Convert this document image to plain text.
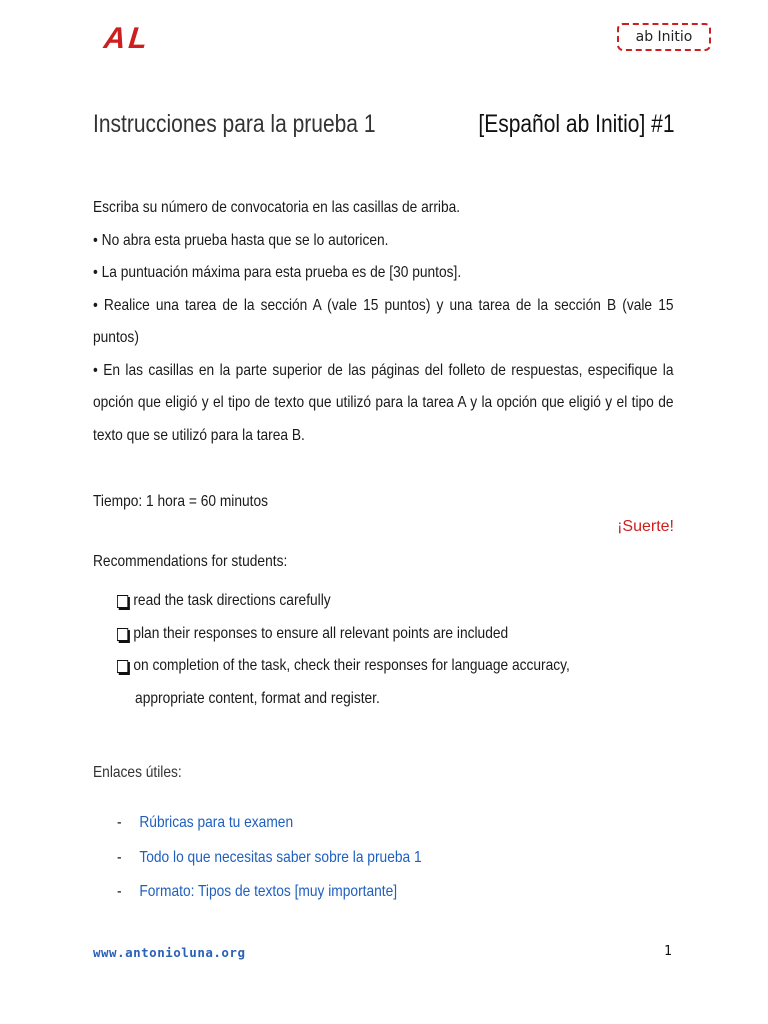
AL	ab Initio
Instrucciones para la prueba 1	[Español ab Initio] #1
Escriba su número de convocatoria en las casillas de arriba.
• No abra esta prueba hasta que se lo autoricen.
• La puntuación máxima para esta prueba es de [30 puntos].
• Realice una tarea de la sección A (vale 15 puntos) y una tarea de la sección B (vale 15 puntos)
• En las casillas en la parte superior de las páginas del folleto de respuestas, especifique la opción que eligió y el tipo de texto que utilizó para la tarea A y la opción que eligió y el tipo de texto que se utilizó para la tarea B.
Tiempo: 1 hora = 60 minutos
¡Suerte!
Recommendations for students:
read the task directions carefully
plan their responses to ensure all relevant points are included
on completion of the task, check their responses for language accuracy,
appropriate content, format and register.
Enlaces útiles:
-	Rúbricas para tu examen
-	Todo lo que necesitas saber sobre la prueba 1
-	Formato: Tipos de textos [muy importante]
www.antonioluna.org	1
